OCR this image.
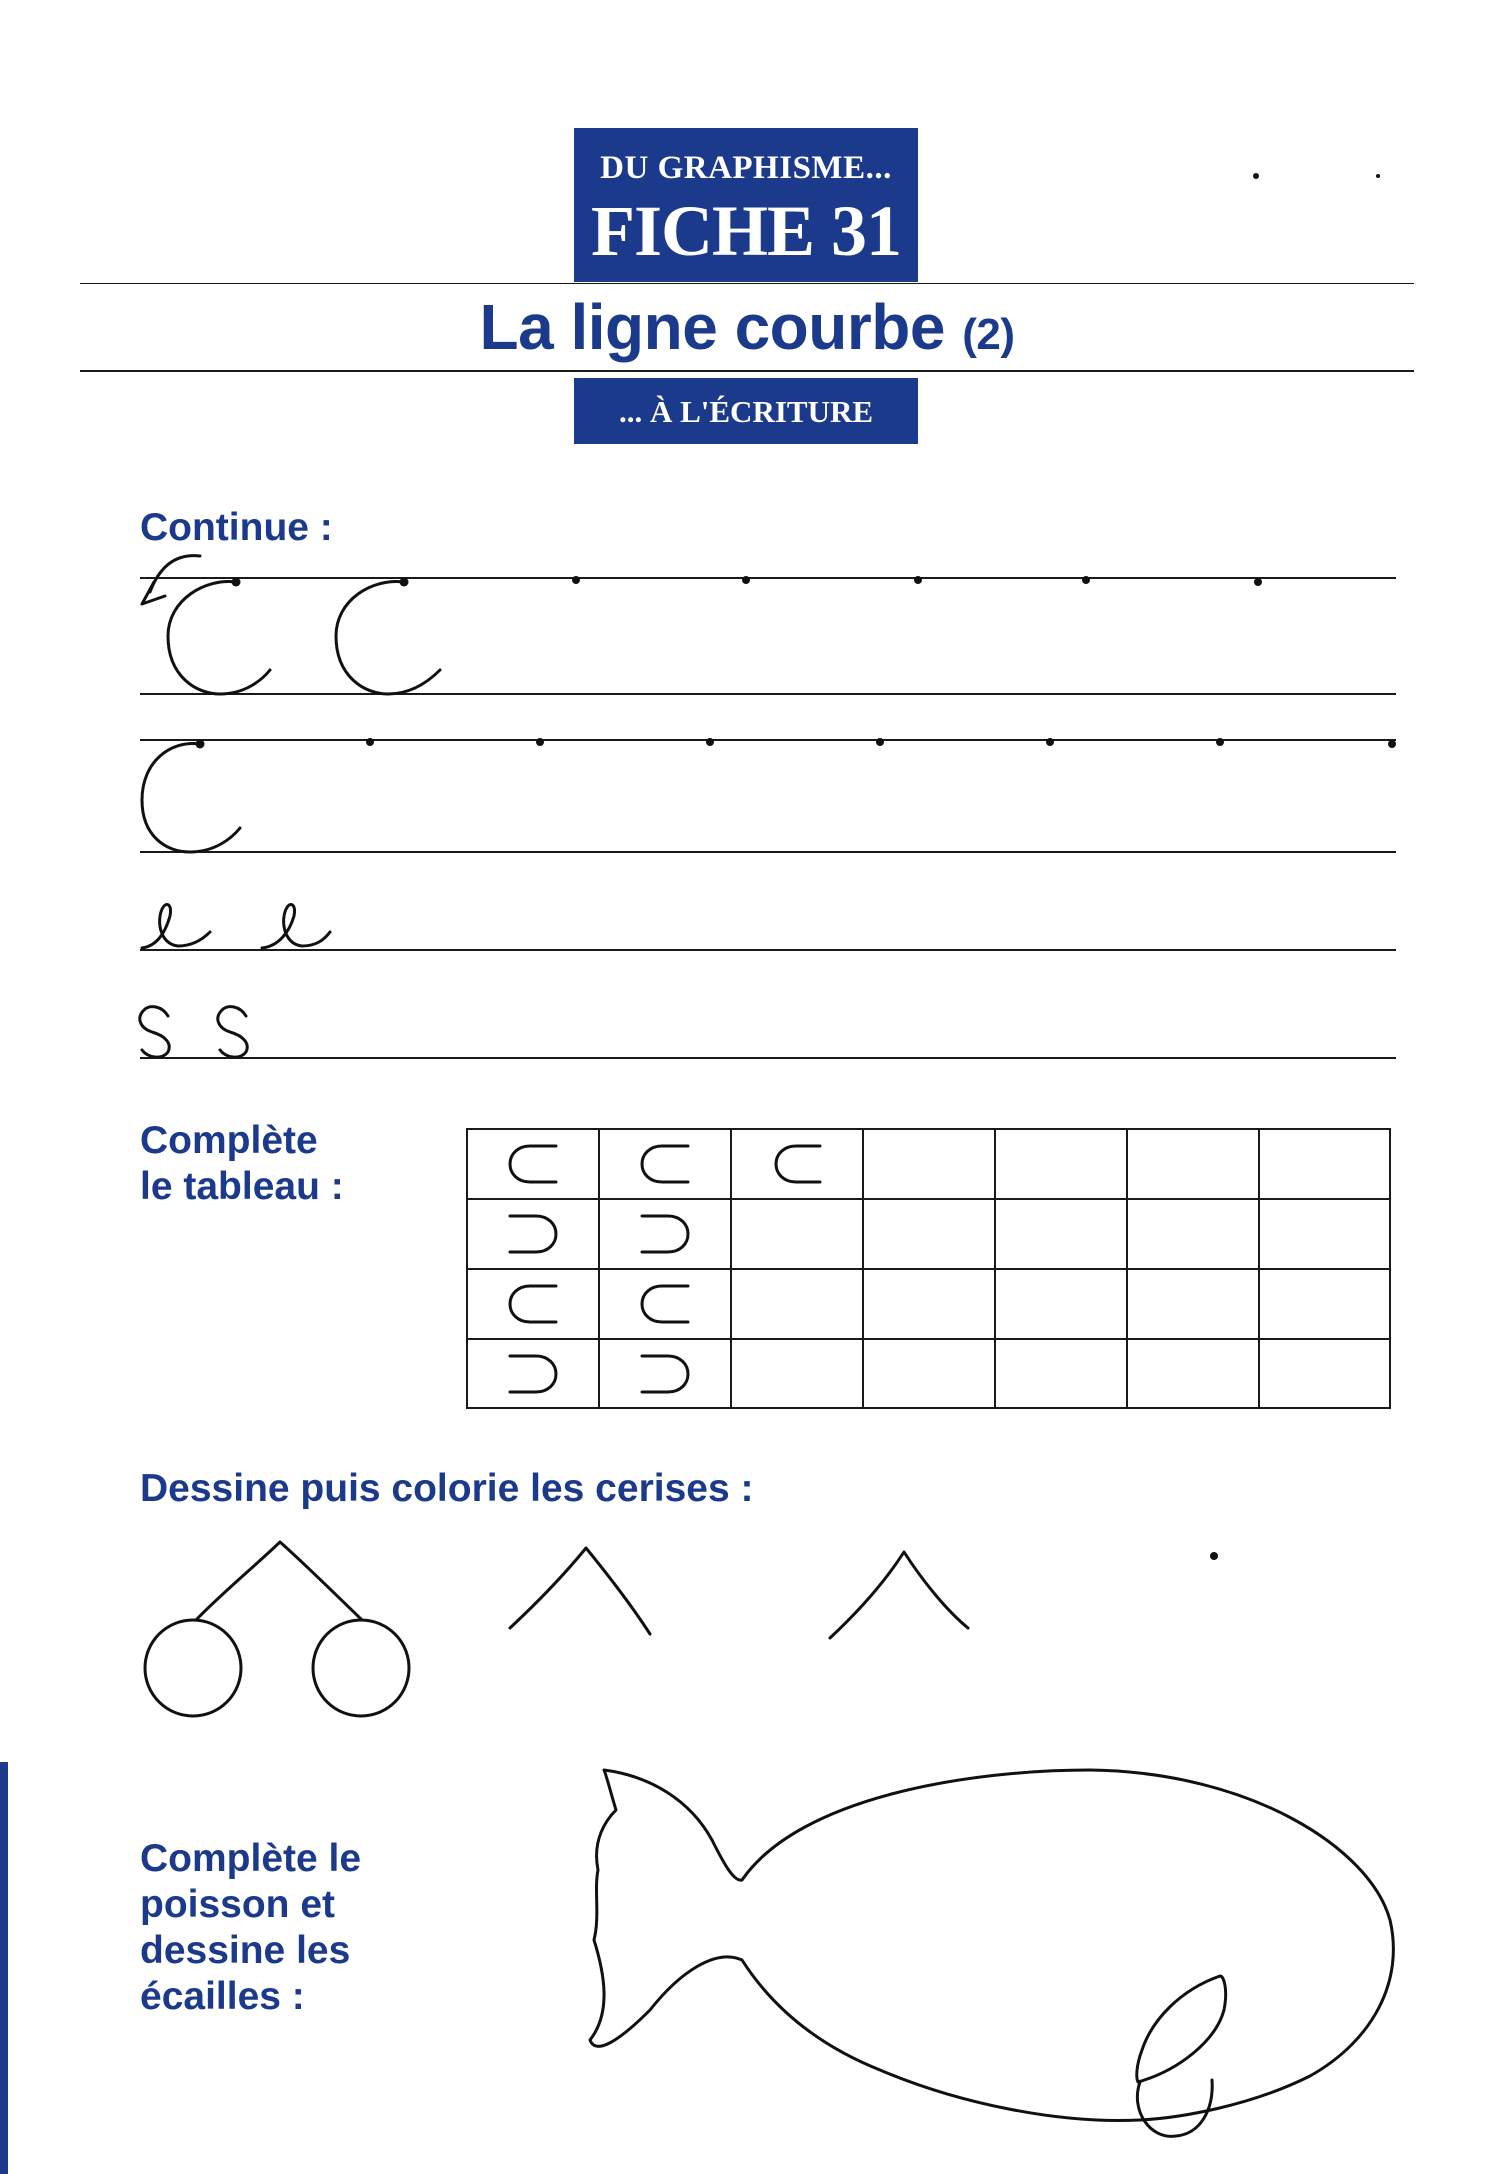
DU GRAPHISME...
FICHE 31
... À L'ÉCRITURE
La ligne courbe (2)
Continue :
Complète
le tableau :
Dessine puis colorie les cerises :
Complète le
poisson et
dessine les
écailles :
